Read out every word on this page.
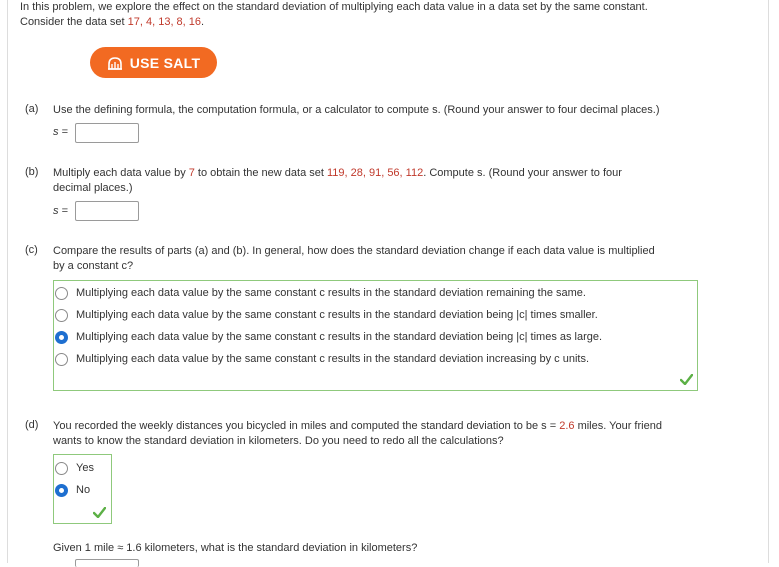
In this problem, we explore the effect on the standard deviation of multiplying each data value in a data set by the same constant.
Consider the data set 17, 4, 13, 8, 16.
USE SALT
(a) Use the defining formula, the computation formula, or a calculator to compute s. (Round your answer to four decimal places.)
s =
(b) Multiply each data value by 7 to obtain the new data set 119, 28, 91, 56, 112. Compute s. (Round your answer to four
decimal places.)
s =
(c) Compare the results of parts (a) and (b). In general, how does the standard deviation change if each data value is multiplied
by a constant c?
Multiplying each data value by the same constant c results in the standard deviation remaining the same.
Multiplying each data value by the same constant c results in the standard deviation being |c| times smaller.
Multiplying each data value by the same constant c results in the standard deviation being |c| times as large.
Multiplying each data value by the same constant c results in the standard deviation increasing by c units.
(d) You recorded the weekly distances you bicycled in miles and computed the standard deviation to be s = 2.6 miles. Your friend
wants to know the standard deviation in kilometers. Do you need to redo all the calculations?
Yes
No
Given 1 mile ≈ 1.6 kilometers, what is the standard deviation in kilometers?
